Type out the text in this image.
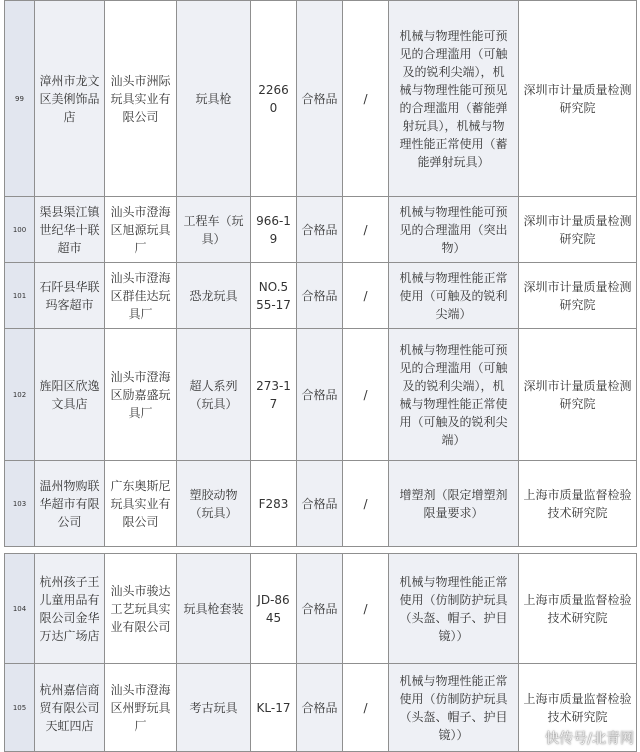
99	漳州市龙文区美俐饰品店	汕头市洲际玩具实业有限公司	玩具枪	22660	合格品	/	机械与物理性能可预见的合理滥用（可触及的锐利尖端），机械与物理性能可预见的合理滥用（蓄能弹射玩具），机械与物理性能正常使用（蓄能弹射玩具）	深圳市计量质量检测研究院
100	渠县渠江镇世纪华十联超市	汕头市澄海区旭源玩具厂	工程车（玩具）	966-19	合格品	/	机械与物理性能可预见的合理滥用（突出物）	深圳市计量质量检测研究院
101	石阡县华联玛客超市	汕头市澄海区群佳达玩具厂	恐龙玩具	NO.555-17	合格品	/	机械与物理性能正常使用（可触及的锐利尖端）	深圳市计量质量检测研究院
102	旌阳区欣逸文具店	汕头市澄海区励嘉盛玩具厂	超人系列（玩具）	273-17	合格品	/	机械与物理性能可预见的合理滥用（可触及的锐利尖端），机械与物理性能正常使用（可触及的锐利尖端）	深圳市计量质量检测研究院
103	温州物购联华超市有限公司	广东奥斯尼玩具实业有限公司	塑胶动物（玩具）	F283	合格品	/	增塑剂（限定增塑剂限量要求）	上海市质量监督检验技术研究院

104	杭州孩子王儿童用品有限公司金华万达广场店	汕头市骏达工艺玩具实业有限公司	玩具枪套装	JD-8645	合格品	/	机械与物理性能正常使用（仿制防护玩具（头盔、帽子、护目镜））	上海市质量监督检验技术研究院
105	杭州嘉信商贸有限公司天虹四店	汕头市澄海区州野玩具厂	考古玩具	KL-17	合格品	/	机械与物理性能正常使用（仿制防护玩具（头盔、帽子、护目镜））	上海市质量监督检验技术研究院
快传号/北青网
